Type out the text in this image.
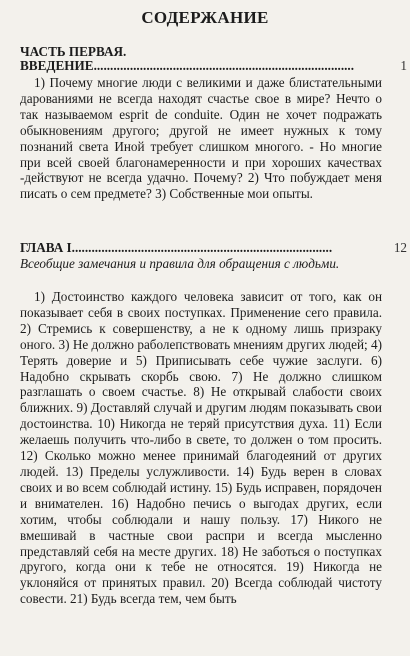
СОДЕРЖАНИЕ
ЧАСТЬ ПЕРВАЯ.
ВВЕДЕНИЕ...............................................................................	1
1) Почему многие люди с великими и даже блистательными дарованиями не всегда находят счастье свое в мире? Нечто о так называемом esprit de conduite. Один не хочет подражать обыкновениям другого; другой не имеет нужных к тому познаний света Иной требует слишком многого. - Но многие при всей своей благонамеренности и при хороших качествах -действуют не всегда удачно. Почему? 2) Что побуждает меня писать о сем предмете? 3) Собственные мои опыты.
ГЛАВА I...............................................................................	12
Всеобщие замечания и правила для обращения с людьми.
1) Достоинство каждого человека зависит от того, как он показывает себя в своих поступках. Применение сего правила. 2) Стремись к совершенству, а не к одному лишь призраку оного. 3) Не должно раболепствовать мнениям других людей; 4) Терять доверие и 5) Приписывать себе чужие заслуги. 6) Надобно скрывать скорбь свою. 7) Не должно слишком разглашать о своем счастье. 8) Не открывай слабости своих ближних. 9) Доставляй случай и другим людям показывать свои достоинства. 10) Никогда не теряй присутствия духа. 11) Если желаешь получить что-либо в свете, то должен о том просить. 12) Сколько можно менее принимай благодеяний от других людей. 13) Пределы услужливости. 14) Будь верен в словах своих и во всем соблюдай истину. 15) Будь исправен, порядочен и внимателен. 16) Надобно печись о выгодах других, если хотим, чтобы соблюдали и нашу пользу. 17) Никого не вмешивай в частные свои распри и всегда мысленно представляй себя на месте других. 18) Не заботься о поступках другого, когда они к тебе не относятся. 19) Никогда не уклоняйся от принятых правил. 20) Всегда соблюдай чистоту совести. 21) Будь всегда тем, чем быть
